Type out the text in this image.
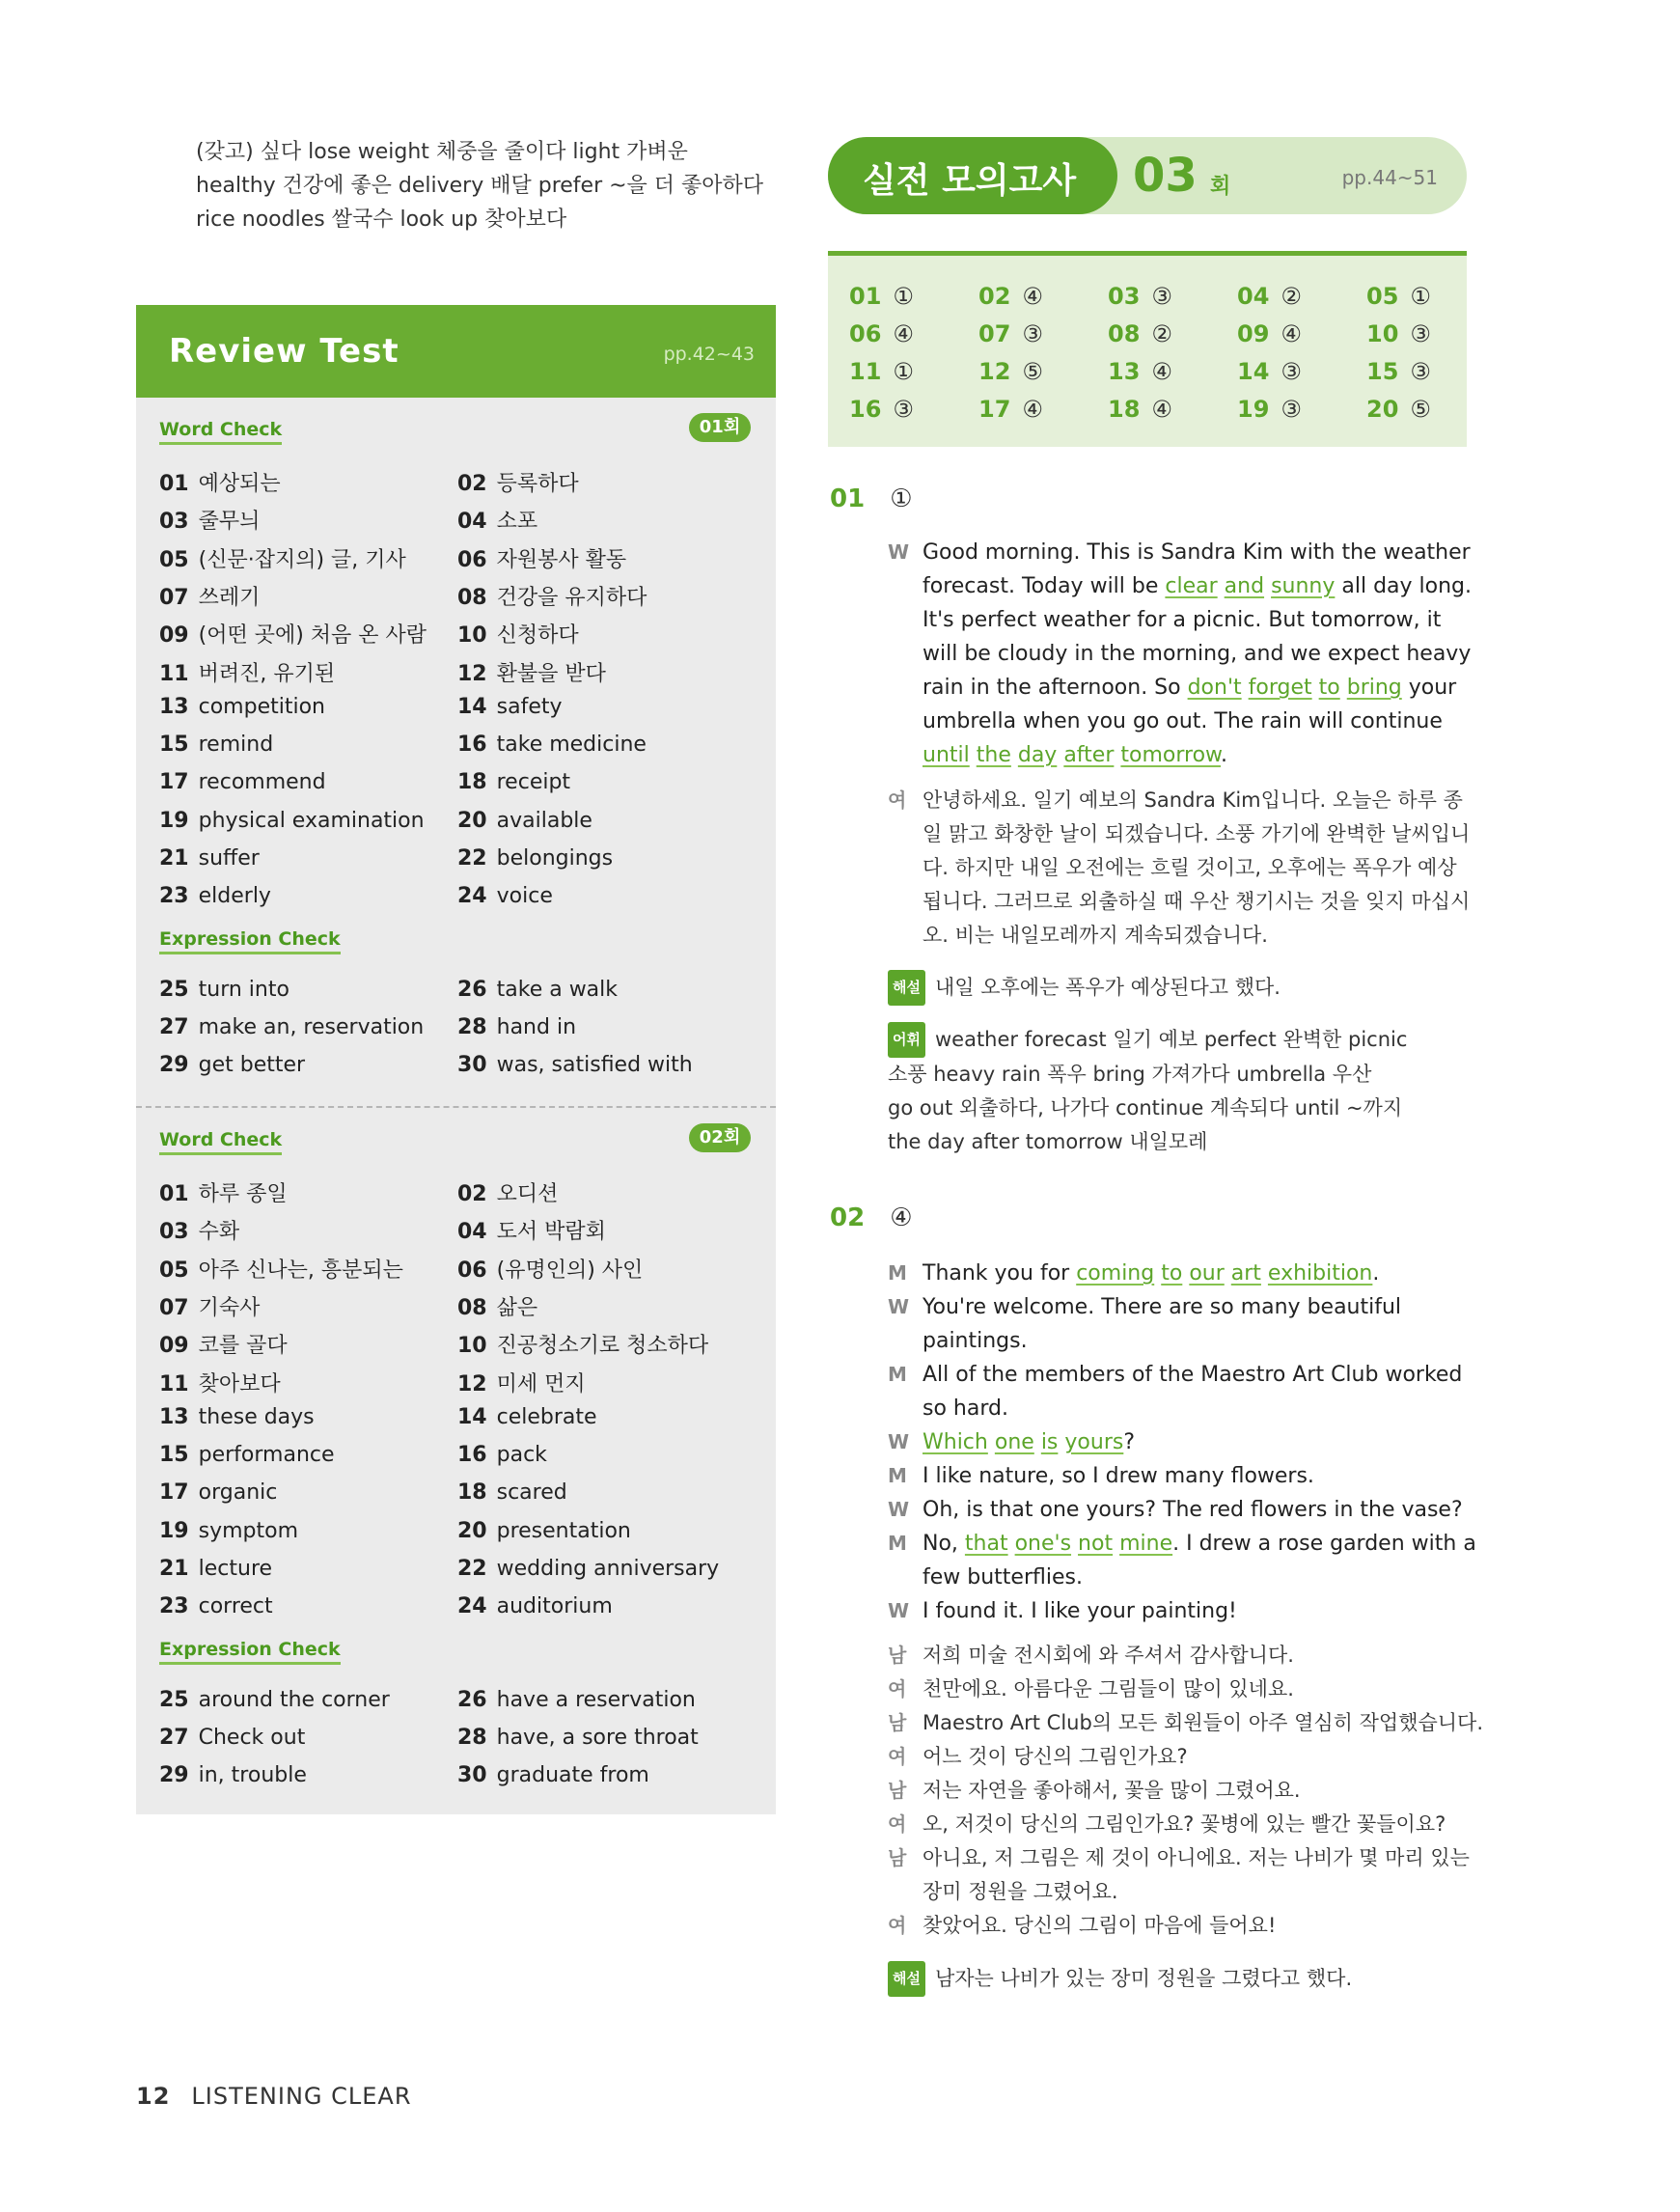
(갖고) 싶다 lose weight 체중을 줄이다 light 가벼운
healthy 건강에 좋은 delivery 배달 prefer ~을 더 좋아하다
rice noodles 쌀국수 look up 찾아보다
Review Test	pp.42~43
Word Check	01회
01 예상되는	02 등록하다
03 줄무늬	04 소포
05 (신문·잡지의) 글, 기사 06 자원봉사 활동
07 쓰레기	08 건강을 유지하다
09 (어떤 곳에) 처음 온 사람 10 신청하다
11 버려진, 유기된	12 환불을 받다
13 competition	14 safety
15 remind	16 take medicine
17 recommend	18 receipt
19 physical examination 20 available
21 suffer	22 belongings
23 elderly	24 voice
Expression Check
25 turn into	26 take a walk
27 make an, reservation 28 hand in
29 get better	30 was, satisfied with
Word Check	02회
01 하루 종일	02 오디션
03 수화	04 도서 박람회
05 아주 신나는, 흥분되는	06 (유명인의) 사인
07 기숙사	08 삶은
09 코를 골다	10 진공청소기로 청소하다
11 찾아보다	12 미세 먼지
13 these days	14 celebrate
15 performance	16 pack
17 organic	18 scared
19 symptom	20 presentation
21 lecture	22 wedding anniversary
23 correct	24 auditorium
Expression Check
25 around the corner	26 have a reservation
27 Check out	28 have, a sore throat
29 in, trouble	30 graduate from
실전 모의고사 03 회	pp.44~51
01 ①	02 ④	03 ③	04 ②	05 ①
06 ④	07 ③	08 ②	09 ④	10 ③
11 ①	12 ⑤	13 ④	14 ③	15 ③
16 ③	17 ④	18 ④	19 ③	20 ⑤
01 ①
W Good morning. This is Sandra Kim with the weather
forecast. Today will be clear and sunny all day long.
It's perfect weather for a picnic. But tomorrow, it
will be cloudy in the morning, and we expect heavy
rain in the afternoon. So don't forget to bring your
umbrella when you go out. The rain will continue
until the day after tomorrow.
여 안녕하세요. 일기 예보의 Sandra Kim입니다. 오늘은 하루 종
일 맑고 화창한 날이 되겠습니다. 소풍 가기에 완벽한 날씨입니
다. 하지만 내일 오전에는 흐릴 것이고, 오후에는 폭우가 예상
됩니다. 그러므로 외출하실 때 우산 챙기시는 것을 잊지 마십시
오. 비는 내일모레까지 계속되겠습니다.
해설 내일 오후에는 폭우가 예상된다고 했다.
어휘 weather forecast 일기 예보 perfect 완벽한 picnic
소풍 heavy rain 폭우 bring 가져가다 umbrella 우산
go out 외출하다, 나가다 continue 계속되다 until ~까지
the day after tomorrow 내일모레
02 ④
M Thank you for coming to our art exhibition.
W You're welcome. There are so many beautiful
paintings.
M All of the members of the Maestro Art Club worked
so hard.
W Which one is yours?
M I like nature, so I drew many flowers.
W Oh, is that one yours? The red flowers in the vase?
M No, that one's not mine. I drew a rose garden with a
few butterflies.
W I found it. I like your painting!
남 저희 미술 전시회에 와 주셔서 감사합니다.
여 천만에요. 아름다운 그림들이 많이 있네요.
남 Maestro Art Club의 모든 회원들이 아주 열심히 작업했습니다.
여 어느 것이 당신의 그림인가요?
남 저는 자연을 좋아해서, 꽃을 많이 그렸어요.
여 오, 저것이 당신의 그림인가요? 꽃병에 있는 빨간 꽃들이요?
남 아니요, 저 그림은 제 것이 아니에요. 저는 나비가 몇 마리 있는
장미 정원을 그렸어요.
여 찾았어요. 당신의 그림이 마음에 들어요!
해설 남자는 나비가 있는 장미 정원을 그렸다고 했다.
12 LISTENING CLEAR
